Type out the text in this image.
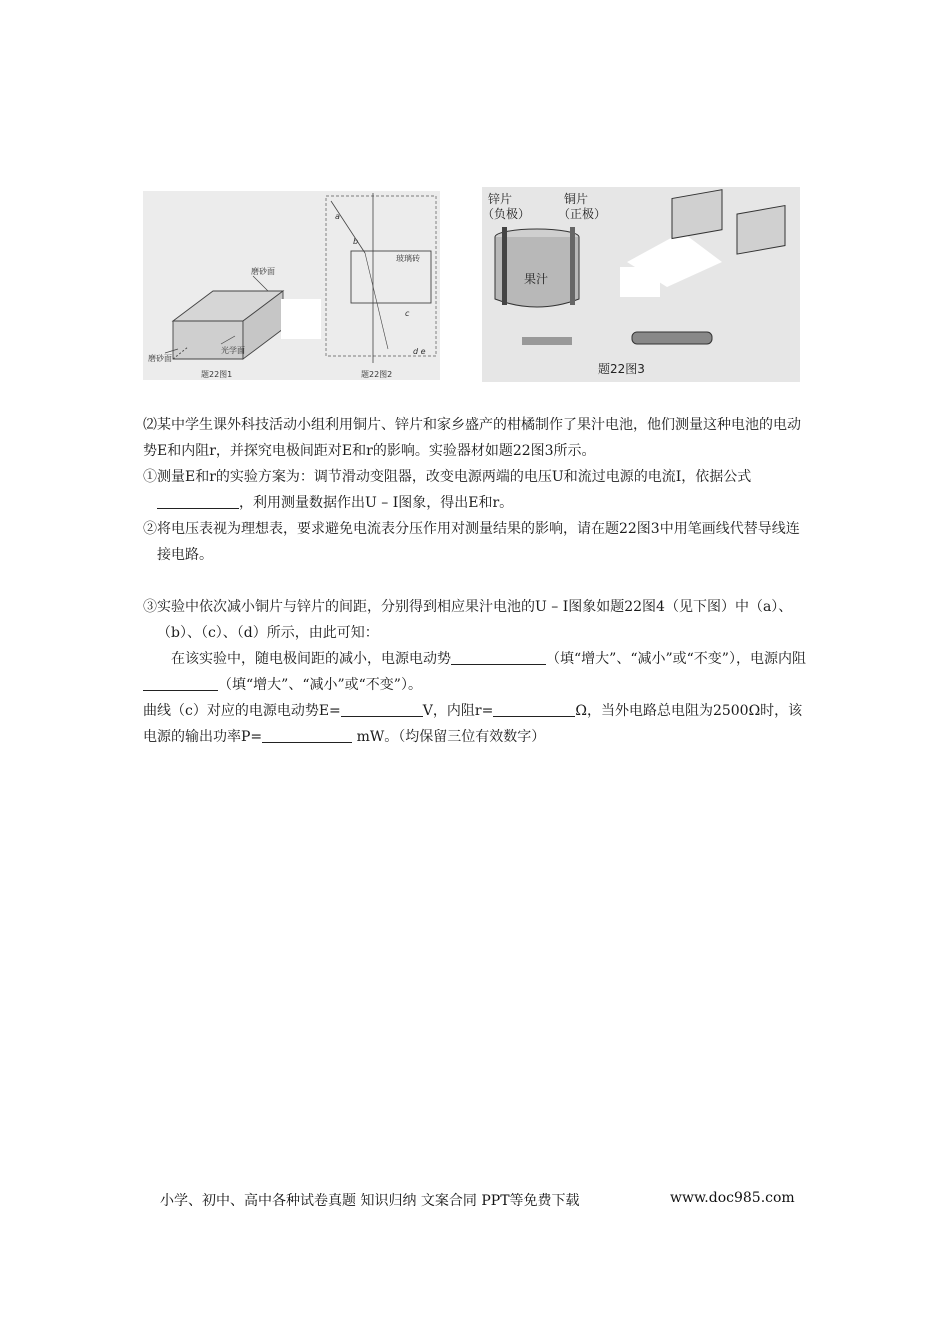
磨砂面
光学面
磨砂面
a
b
c
d e
玻璃砖
题22图1	题22图2
锌片
（负极）
铜片
（正极）
果汁
题22图3

⑵某中学生课外科技活动小组利用铜片、锌片和家乡盛产的柑橘制作了果汁电池，他们测量这种电池的电动势E和内阻r，并探究电极间距对E和r的影响。实验器材如题22图3所示。

①测量E和r的实验方案为：调节滑动变阻器，改变电源两端的电压U和流过电源的电流I，依据公式，利用测量数据作出U – I图象，得出E和r。

②将电压表视为理想表，要求避免电流表分压作用对测量结果的影响，请在题22图3中用笔画线代替导线连接电路。

③实验中依次减小铜片与锌片的间距，分别得到相应果汁电池的U – I图象如题22图4（见下图）中（a）、（b）、（c）、（d）所示，由此可知：

在该实验中，随电极间距的减小，电源电动势	（填“增大”、“减小”或“不变”），电源内阻（填“增大”、“减小”或“不变”）。

曲线（c）对应的电源电动势E=	V，内阻r=	Ω，当外电路总电阻为2500Ω时，该电源的输出功率P=	mW。（均保留三位有效数字）

小学、初中、高中各种试卷真题 知识归纳 文案合同 PPT等免费下载	www.doc985.com
